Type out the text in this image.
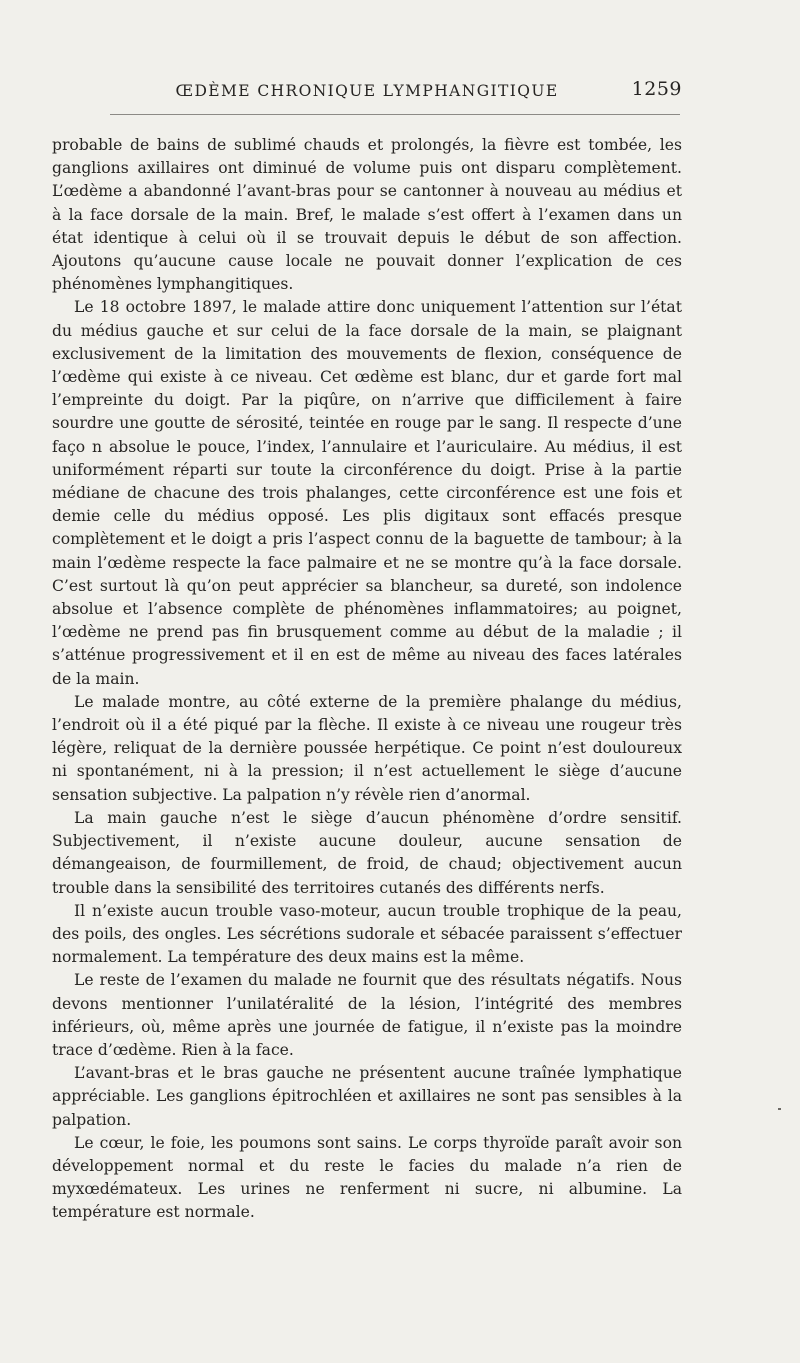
ŒDÈME CHRONIQUE LYMPHANGITIQUE	1259

probable de bains de sublimé chauds et prolongés, la fièvre est tombée, les ganglions axillaires ont diminué de volume puis ont disparu complètement. L’œdème a abandonné l’avant-bras pour se cantonner à nouveau au médius et à la face dorsale de la main. Bref, le malade s’est offert à l’examen dans un état identique à celui où il se trouvait depuis le début de son affection. Ajoutons qu’aucune cause locale ne pouvait donner l’explication de ces phénomènes lymphangitiques.

Le 18 octobre 1897, le malade attire donc uniquement l’attention sur l’état du médius gauche et sur celui de la face dorsale de la main, se plaignant exclusivement de la limitation des mouvements de flexion, conséquence de l’œdème qui existe à ce niveau. Cet œdème est blanc, dur et garde fort mal l’empreinte du doigt. Par la piqûre, on n’arrive que difficilement à faire sourdre une goutte de sérosité, teintée en rouge par le sang. Il respecte d’une faço n absolue le pouce, l’index, l’annulaire et l’auriculaire. Au médius, il est uniformément réparti sur toute la circonférence du doigt. Prise à la partie médiane de chacune des trois phalanges, cette circonférence est une fois et demie celle du médius opposé. Les plis digitaux sont effacés presque complètement et le doigt a pris l’aspect connu de la baguette de tambour; à la main l’œdème respecte la face palmaire et ne se montre qu’à la face dorsale. C’est surtout là qu’on peut apprécier sa blancheur, sa dureté, son indolence absolue et l’absence complète de phénomènes inflammatoires; au poignet, l’œdème ne prend pas fin brusquement comme au début de la maladie ; il s’atténue progressivement et il en est de même au niveau des faces latérales de la main.

Le malade montre, au côté externe de la première phalange du médius, l’endroit où il a été piqué par la flèche. Il existe à ce niveau une rougeur très légère, reliquat de la dernière poussée herpétique. Ce point n’est douloureux ni spontanément, ni à la pression; il n’est actuellement le siège d’aucune sensation subjective. La palpation n’y révèle rien d’anormal.

La main gauche n’est le siège d’aucun phénomène d’ordre sensitif. Subjectivement, il n’existe aucune douleur, aucune sensation de démangeaison, de fourmillement, de froid, de chaud; objectivement aucun trouble dans la sensibilité des territoires cutanés des différents nerfs.

Il n’existe aucun trouble vaso-moteur, aucun trouble trophique de la peau, des poils, des ongles. Les sécrétions sudorale et sébacée paraissent s’effectuer normalement. La température des deux mains est la même.

Le reste de l’examen du malade ne fournit que des résultats négatifs. Nous devons mentionner l’unilatéralité de la lésion, l’intégrité des membres inférieurs, où, même après une journée de fatigue, il n’existe pas la moindre trace d’œdème. Rien à la face.

L’avant-bras et le bras gauche ne présentent aucune traînée lymphatique appréciable. Les ganglions épitrochléen et axillaires ne sont pas sensibles à la palpation.

Le cœur, le foie, les poumons sont sains. Le corps thyroïde paraît avoir son développement normal et du reste le facies du malade n’a rien de myxœdémateux. Les urines ne renferment ni sucre, ni albumine. La température est normale.
